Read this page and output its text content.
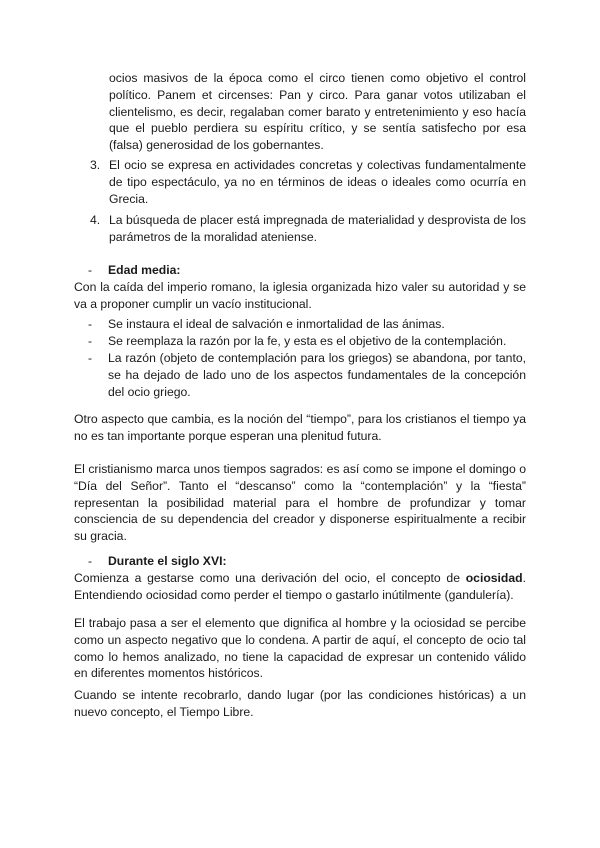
ocios masivos de la época como el circo tienen como objetivo el control político. Panem et circenses: Pan y circo. Para ganar votos utilizaban el clientelismo, es decir, regalaban comer barato y entretenimiento y eso hacía que el pueblo perdiera su espíritu crítico, y se sentía satisfecho por esa (falsa) generosidad de los gobernantes.

3. El ocio se expresa en actividades concretas y colectivas fundamentalmente de tipo espectáculo, ya no en términos de ideas o ideales como ocurría en Grecia.

4. La búsqueda de placer está impregnada de materialidad y desprovista de los parámetros de la moralidad ateniense.

-	Edad media:

Con la caída del imperio romano, la iglesia organizada hizo valer su autoridad y se va a proponer cumplir un vacío institucional.

-	Se instaura el ideal de salvación e inmortalidad de las ánimas.

-	Se reemplaza la razón por la fe, y esta es el objetivo de la contemplación.

-	La razón (objeto de contemplación para los griegos) se abandona, por tanto, se ha dejado de lado uno de los aspectos fundamentales de la concepción del ocio griego.

Otro aspecto que cambia, es la noción del “tiempo”, para los cristianos el tiempo ya no es tan importante porque esperan una plenitud futura.

El cristianismo marca unos tiempos sagrados: es así como se impone el domingo o “Día del Señor”. Tanto el “descanso” como la “contemplación” y la “fiesta” representan la posibilidad material para el hombre de profundizar y tomar consciencia de su dependencia del creador y disponerse espiritualmente a recibir su gracia.

-	Durante el siglo XVI:

Comienza a gestarse como una derivación del ocio, el concepto de ociosidad. Entendiendo ociosidad como perder el tiempo o gastarlo inútilmente (gandulería).

El trabajo pasa a ser el elemento que dignifica al hombre y la ociosidad se percibe como un aspecto negativo que lo condena. A partir de aquí, el concepto de ocio tal como lo hemos analizado, no tiene la capacidad de expresar un contenido válido en diferentes momentos históricos.

Cuando se intente recobrarlo, dando lugar (por las condiciones históricas) a un nuevo concepto, el Tiempo Libre.
